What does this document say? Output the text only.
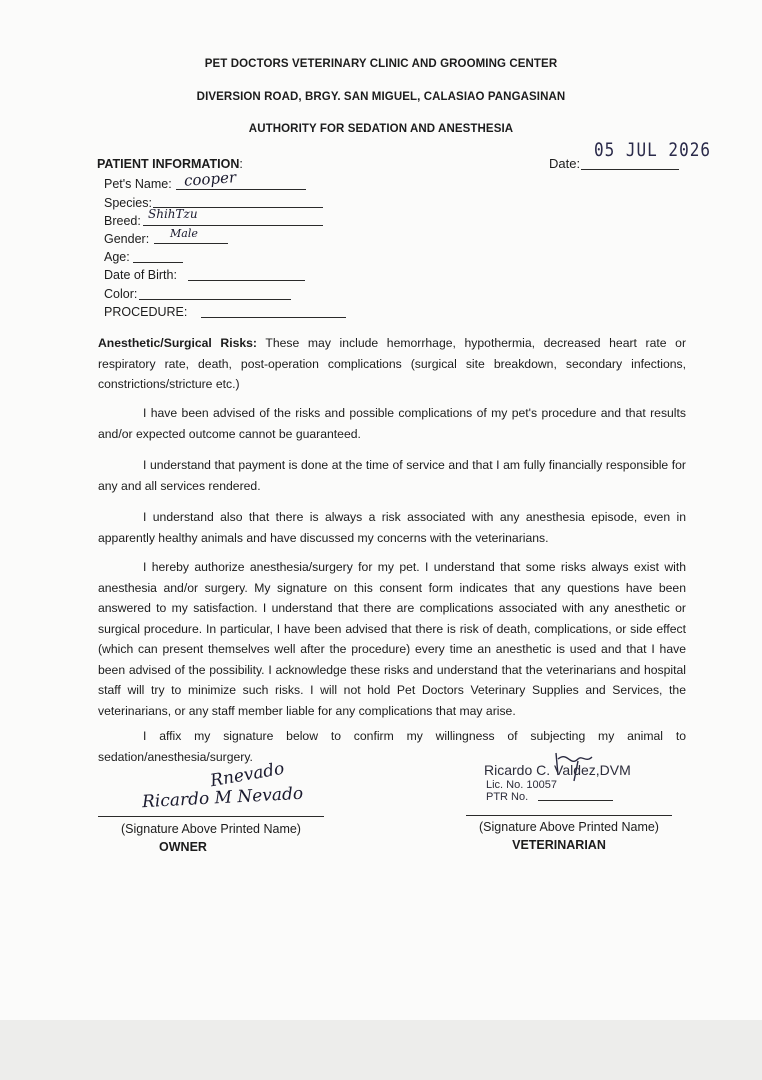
PET DOCTORS VETERINARY CLINIC AND GROOMING CENTER
DIVERSION ROAD, BRGY. SAN MIGUEL, CALASIAO PANGASINAN
AUTHORITY FOR SEDATION AND ANESTHESIA
05 JUL 2026
Date:
PATIENT INFORMATION:
Pet's Name: cooper
Species:
Breed: ShihTzu
Gender: Male
Age:
Date of Birth:
Color:
PROCEDURE:
Anesthetic/Surgical Risks: These may include hemorrhage, hypothermia, decreased heart rate or respiratory rate, death, post-operation complications (surgical site breakdown, secondary infections, constrictions/stricture etc.)
I have been advised of the risks and possible complications of my pet's procedure and that results and/or expected outcome cannot be guaranteed.
I understand that payment is done at the time of service and that I am fully financially responsible for any and all services rendered.
I understand also that there is always a risk associated with any anesthesia episode, even in apparently healthy animals and have discussed my concerns with the veterinarians.
I hereby authorize anesthesia/surgery for my pet. I understand that some risks always exist with anesthesia and/or surgery. My signature on this consent form indicates that any questions have been answered to my satisfaction. I understand that there are complications associated with any anesthetic or surgical procedure. In particular, I have been advised that there is risk of death, complications, or side effect (which can present themselves well after the procedure) every time an anesthetic is used and that I have been advised of the possibility. I acknowledge these risks and understand that the veterinarians and hospital staff will try to minimize such risks. I will not hold Pet Doctors Veterinary Supplies and Services, the veterinarians, or any staff member liable for any complications that may arise.
I affix my signature below to confirm my willingness of subjecting my animal to sedation/anesthesia/surgery.
Rnevado
Ricardo M Nevado
(Signature Above Printed Name)
OWNER
Ricardo C. Valdez,DVM
Lic. No. 10057
PTR No.
(Signature Above Printed Name)
VETERINARIAN
